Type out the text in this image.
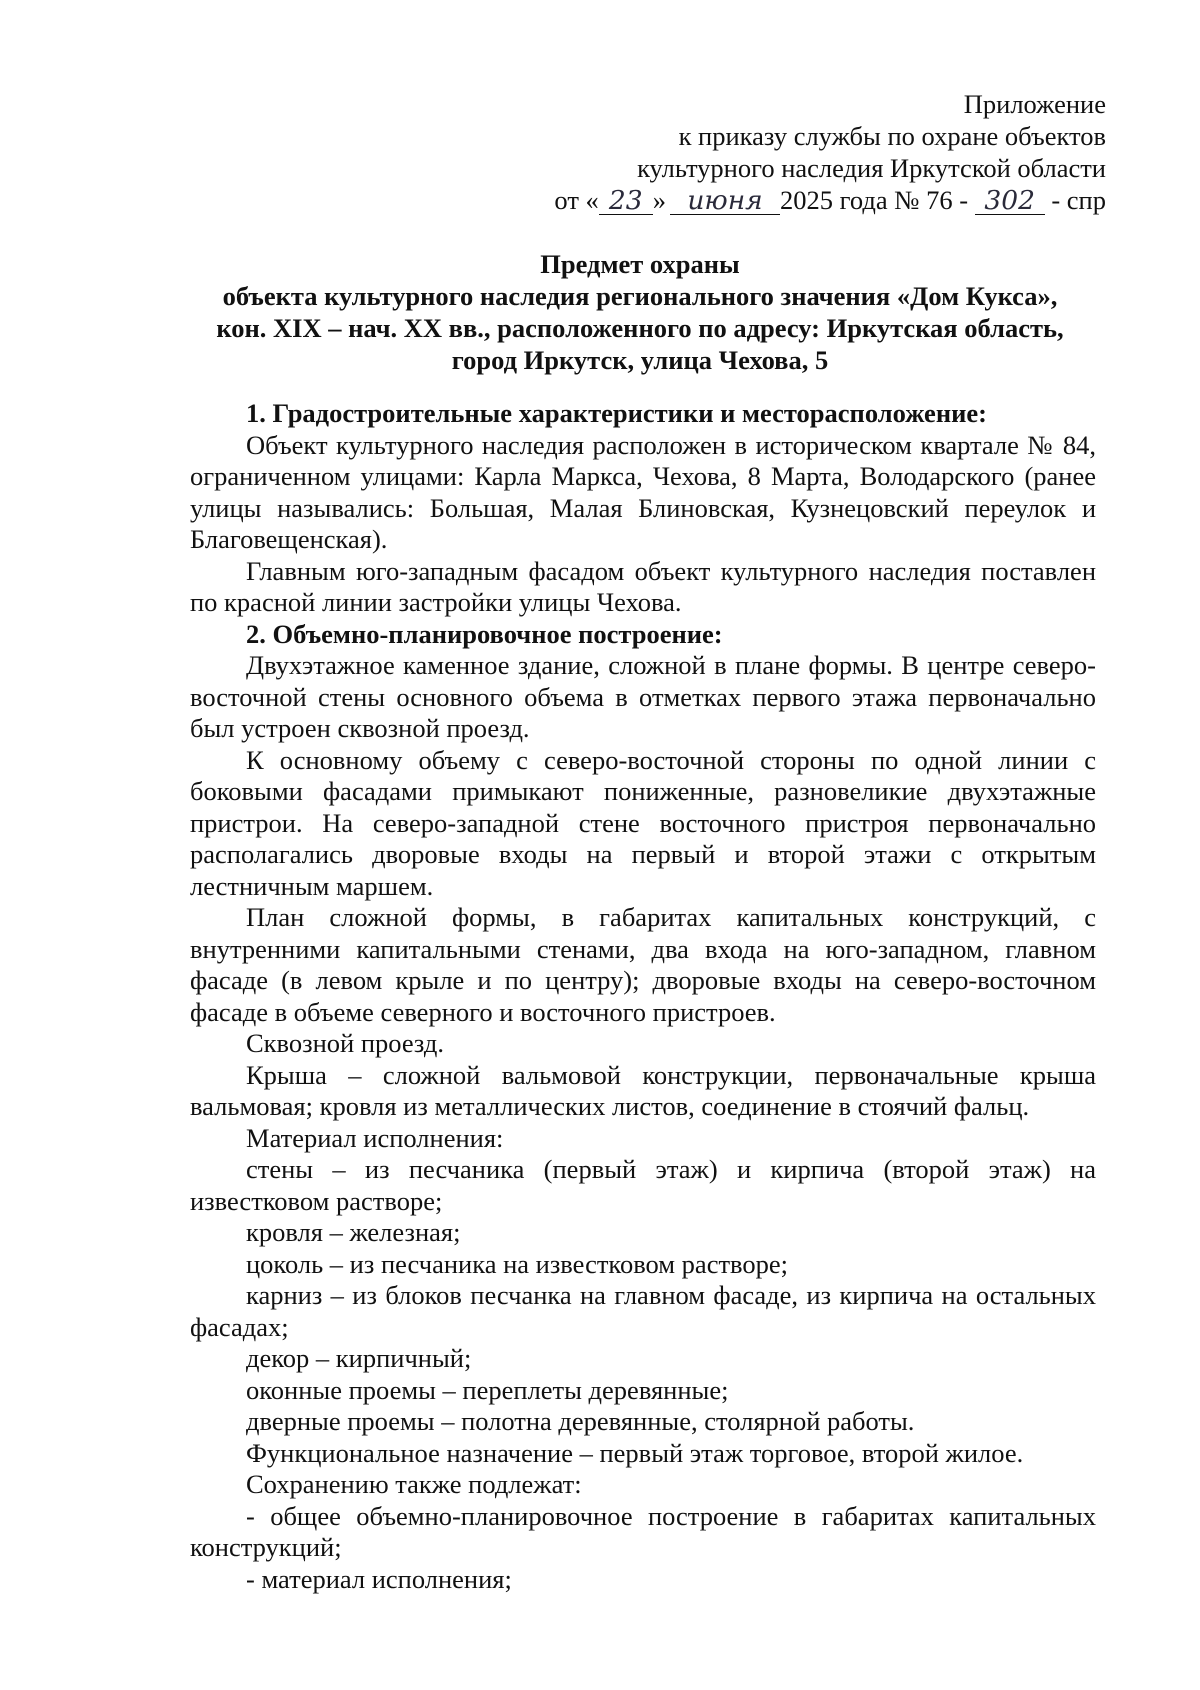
Приложение
к приказу службы по охране объектов
культурного наследия Иркутской области
от « 23 » июня 2025 года № 76 - 302 - спр
Предмет охраны
объекта культурного наследия регионального значения «Дом Кукса»,
кон. XIX – нач. XX вв., расположенного по адресу: Иркутская область,
город Иркутск, улица Чехова, 5

1. Градостроительные характеристики и месторасположение:

Объект культурного наследия расположен в историческом квартале № 84, ограниченном улицами: Карла Маркса, Чехова, 8 Марта, Володарского (ранее улицы назывались: Большая, Малая Блиновская, Кузнецовский переулок и Благовещенская).

Главным юго-западным фасадом объект культурного наследия поставлен по красной линии застройки улицы Чехова.

2. Объемно-планировочное построение:

Двухэтажное каменное здание, сложной в плане формы. В центре северо-восточной стены основного объема в отметках первого этажа первоначально был устроен сквозной проезд.

К основному объему с северо-восточной стороны по одной линии с боковыми фасадами примыкают пониженные, разновеликие двухэтажные пристрои. На северо-западной стене восточного пристроя первоначально располагались дворовые входы на первый и второй этажи с открытым лестничным маршем.

План сложной формы, в габаритах капитальных конструкций, с внутренними капитальными стенами, два входа на юго-западном, главном фасаде (в левом крыле и по центру); дворовые входы на северо-восточном фасаде в объеме северного и восточного пристроев.

Сквозной проезд.

Крыша – сложной вальмовой конструкции, первоначальные крыша вальмовая; кровля из металлических листов, соединение в стоячий фальц.

Материал исполнения:

стены – из песчаника (первый этаж) и кирпича (второй этаж) на известковом растворе;

кровля – железная;

цоколь – из песчаника на известковом растворе;

карниз – из блоков песчанка на главном фасаде, из кирпича на остальных фасадах;

декор – кирпичный;

оконные проемы – переплеты деревянные;

дверные проемы – полотна деревянные, столярной работы.

Функциональное назначение – первый этаж торговое, второй жилое.

Сохранению также подлежат:

- общее объемно-планировочное построение в габаритах капитальных конструкций;

- материал исполнения;
